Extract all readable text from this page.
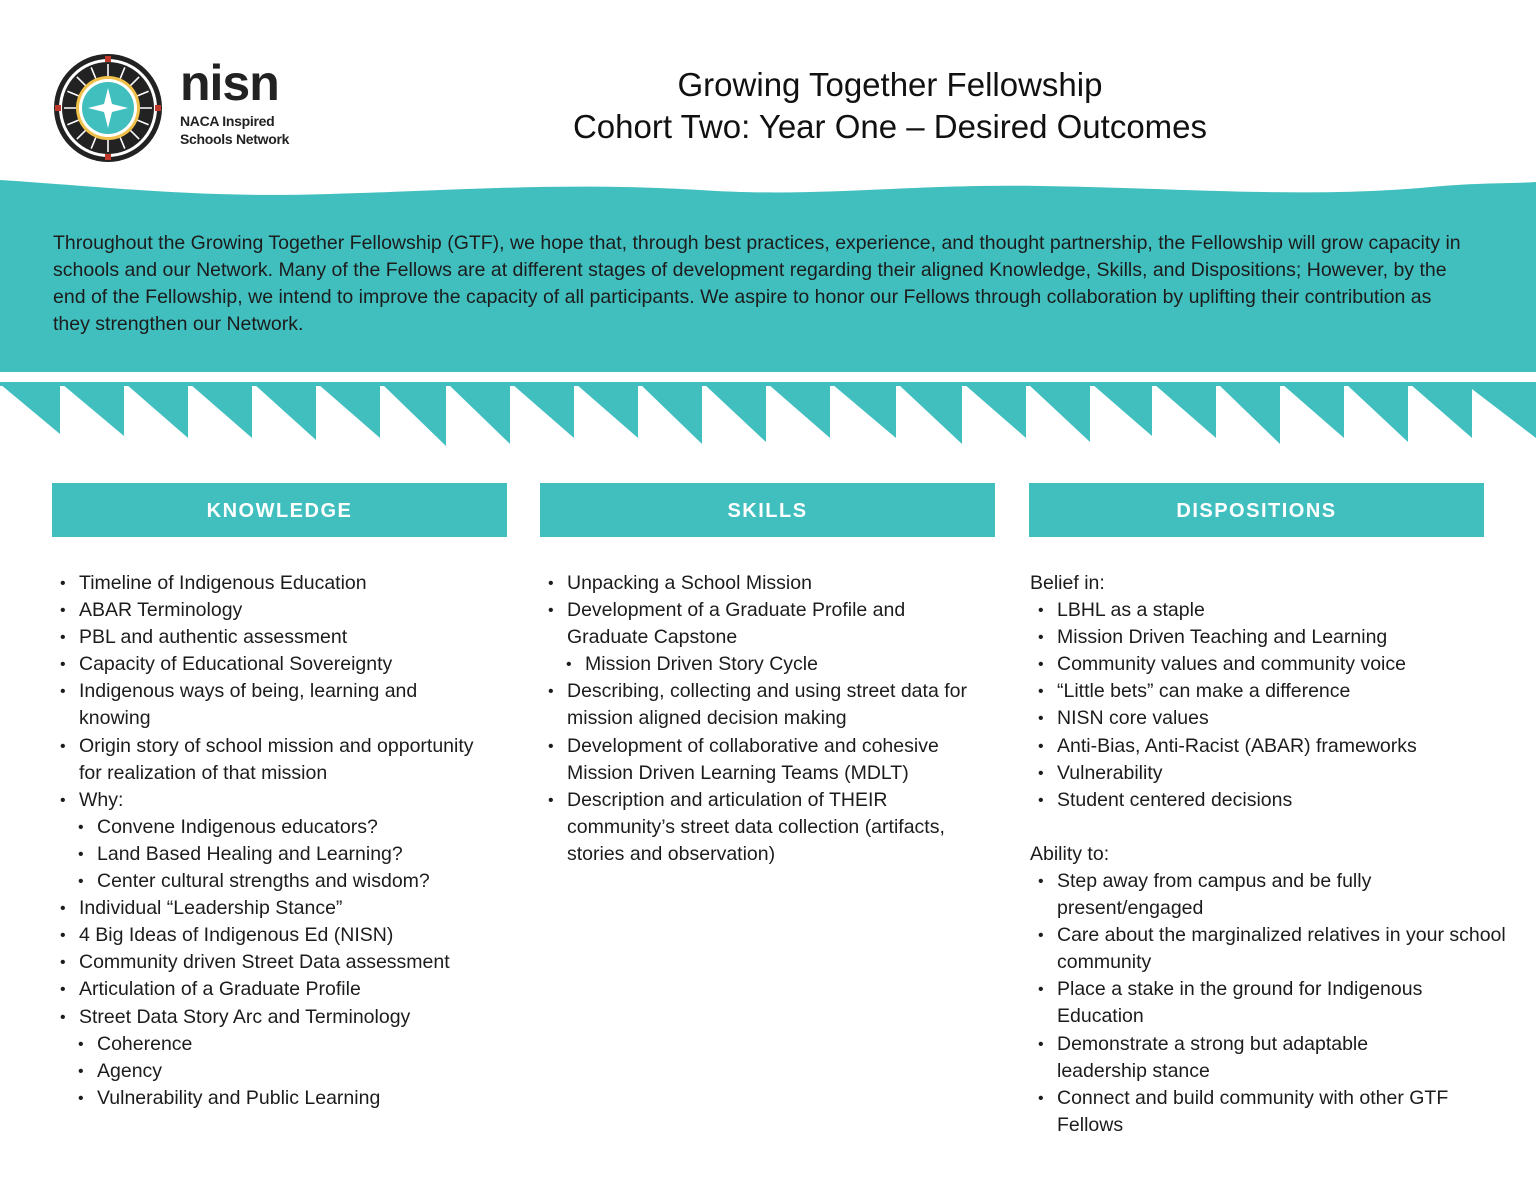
nisn
NACA Inspired
Schools Network
Growing Together Fellowship
Cohort Two: Year One – Desired Outcomes
Throughout the Growing Together Fellowship (GTF), we hope that, through best practices, experience, and thought partnership, the Fellowship will grow capacity in schools and our Network. Many of the Fellows are at different stages of development regarding their aligned Knowledge, Skills, and Dispositions; However, by the end of the Fellowship, we intend to improve the capacity of all participants. We aspire to honor our Fellows through collaboration by uplifting their contribution as they strengthen our Network.
KNOWLEDGE	SKILLS	DISPOSITIONS
• Timeline of Indigenous Education
• ABAR Terminology
• PBL and authentic assessment
• Capacity of Educational Sovereignty
• Indigenous ways of being, learning and knowing
• Origin story of school mission and opportunity for realization of that mission
• Why:
• Convene Indigenous educators?
• Land Based Healing and Learning?
• Center cultural strengths and wisdom?
• Individual “Leadership Stance”
• 4 Big Ideas of Indigenous Ed (NISN)
• Community driven Street Data assessment
• Articulation of a Graduate Profile
• Street Data Story Arc and Terminology
• Coherence
• Agency
• Vulnerability and Public Learning
• Unpacking a School Mission
• Development of a Graduate Profile and Graduate Capstone
• Mission Driven Story Cycle
• Describing, collecting and using street data for mission aligned decision making
• Development of collaborative and cohesive Mission Driven Learning Teams (MDLT)
• Description and articulation of THEIR community’s street data collection (artifacts, stories and observation)
Belief in:
• LBHL as a staple
• Mission Driven Teaching and Learning
• Community values and community voice
• “Little bets” can make a difference
• NISN core values
• Anti-Bias, Anti-Racist (ABAR) frameworks
• Vulnerability
• Student centered decisions
Ability to:
• Step away from campus and be fully present/engaged
• Care about the marginalized relatives in your school community
• Place a stake in the ground for Indigenous Education
• Demonstrate a strong but adaptable leadership stance
• Connect and build community with other GTF Fellows
